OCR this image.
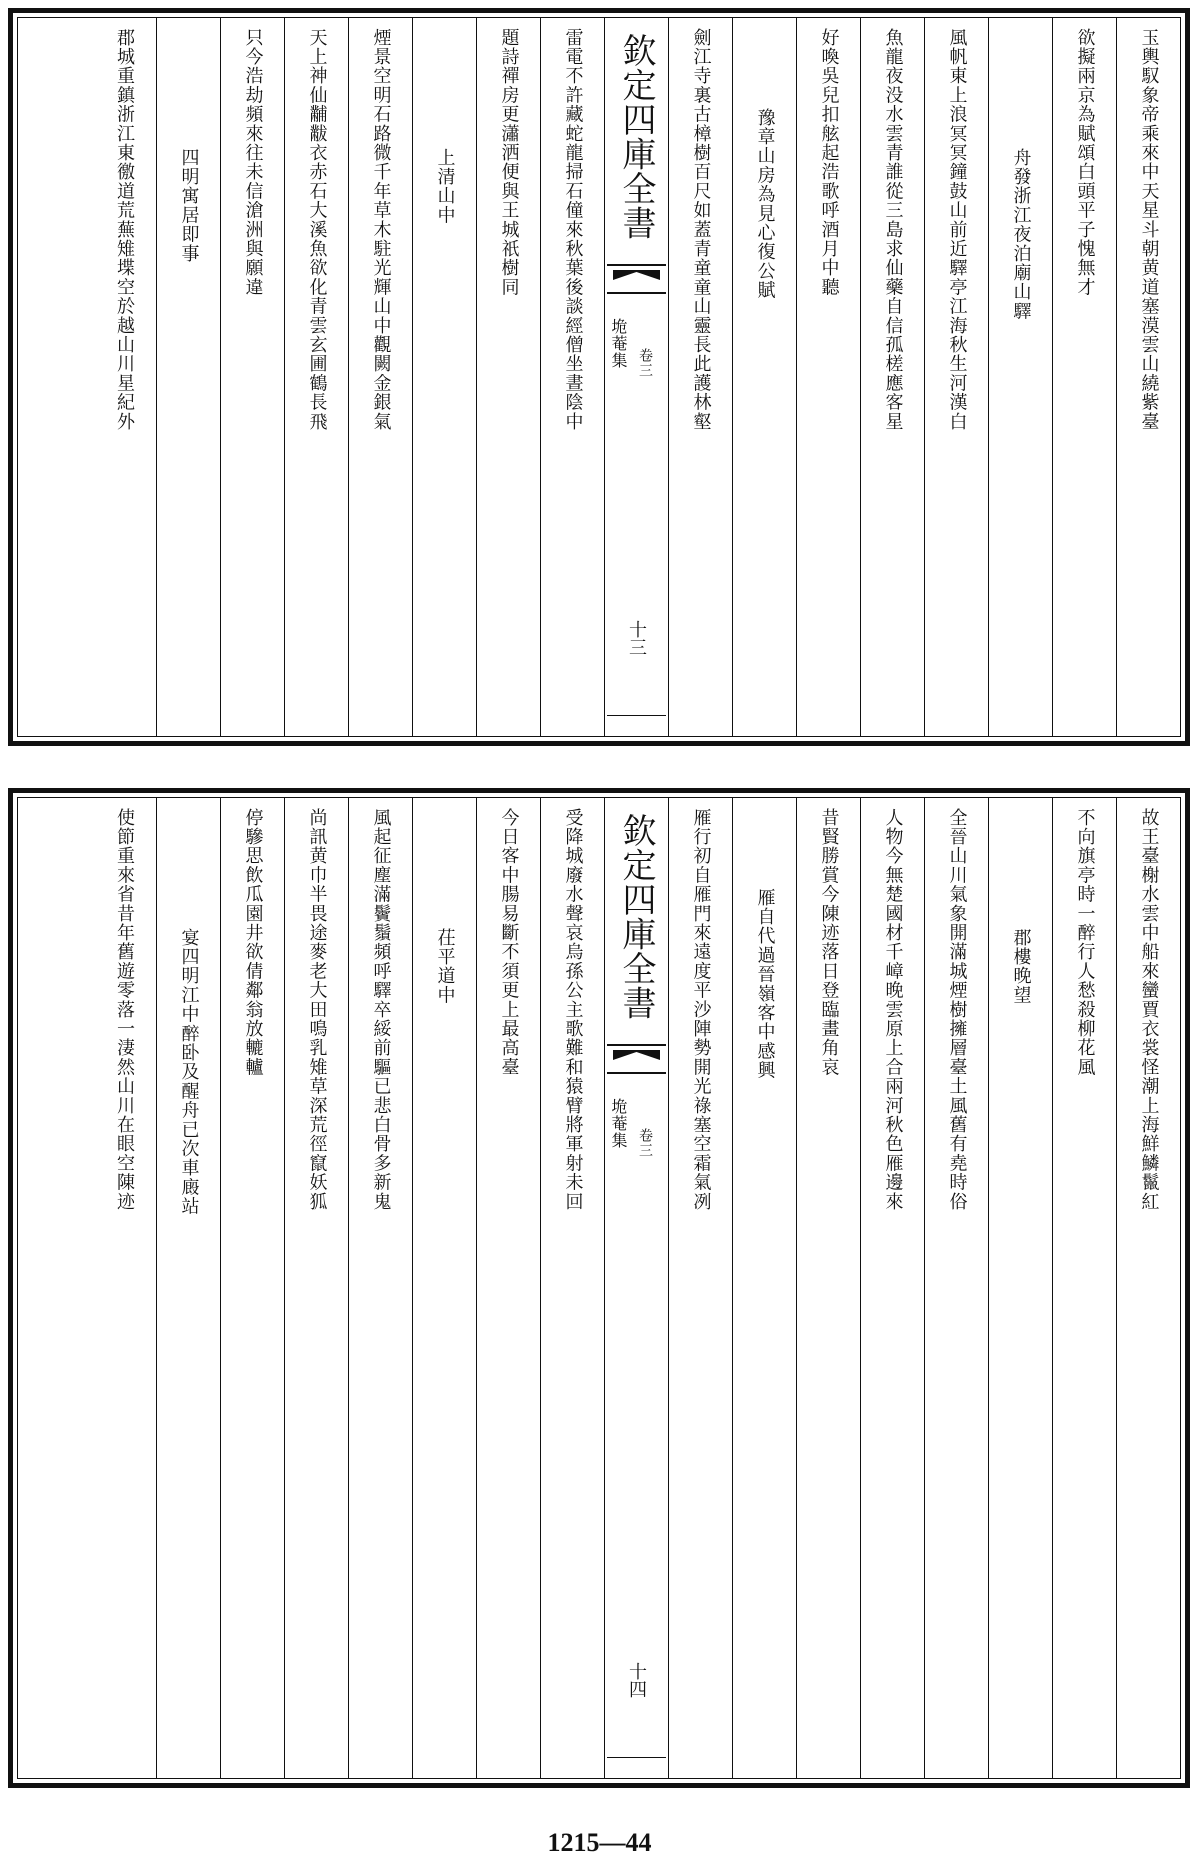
玉輿馭象帝乘來中天星斗朝黄道塞漠雲山繞紫臺
欲擬兩京為賦頌白頭平子愧無才
舟發浙江夜泊廟山驛
風帆東上浪冥冥鐘鼓山前近驛亭江海秋生河漢白
魚龍夜没水雲青誰從三島求仙藥自信孤槎應客星
好喚吳兒扣舷起浩歌呼酒月中聽
豫章山房為見心復公賦
劍江寺裏古樟樹百尺如蓋青童童山靈長此護林壑
欽定四庫全書
垝菴集 卷三
十三
雷電不許藏蛇龍掃石僮來秋葉後談經僧坐晝陰中
題詩禪房更瀟洒便與王城祇樹同
上清山中
煙景空明石路微千年草木駐光輝山中觀闕金銀氣
天上神仙黼黻衣赤石大溪魚欲化青雲玄圃鶴長飛
只今浩劫頻來往未信滄洲與願違
四明寓居即事
郡城重鎮浙江東徼道荒蕪雉堞空於越山川星紀外
故王臺榭水雲中船來蠻賈衣裳怪潮上海鮮鱗鬣紅
不向旗亭時一醉行人愁殺柳花風
郡樓晚望
全晉山川氣象開滿城煙樹擁層臺土風舊有堯時俗
人物今無楚國材千嶂晚雲原上合兩河秋色雁邊來
昔賢勝賞今陳迹落日登臨畫角哀
雁自代過晉嶺客中感興
雁行初自雁門來遠度平沙陣勢開光祿塞空霜氣冽
欽定四庫全書
垝菴集 卷三
十四
受降城廢水聲哀烏孫公主歌難和猿臂將軍射未回
今日客中腸易斷不須更上最高臺
茌平道中
風起征塵滿鬢鬚頻呼驛卒綏前驅已悲白骨多新鬼
尚訊黄巾半畏途麥老大田鳴乳雉草深荒徑竄妖狐
停驂思飲瓜園井欲倩鄰翁放轆轤
宴四明江中醉卧及醒舟已次車廄站
使節重來省昔年舊遊零落一淒然山川在眼空陳迹
1215—44
